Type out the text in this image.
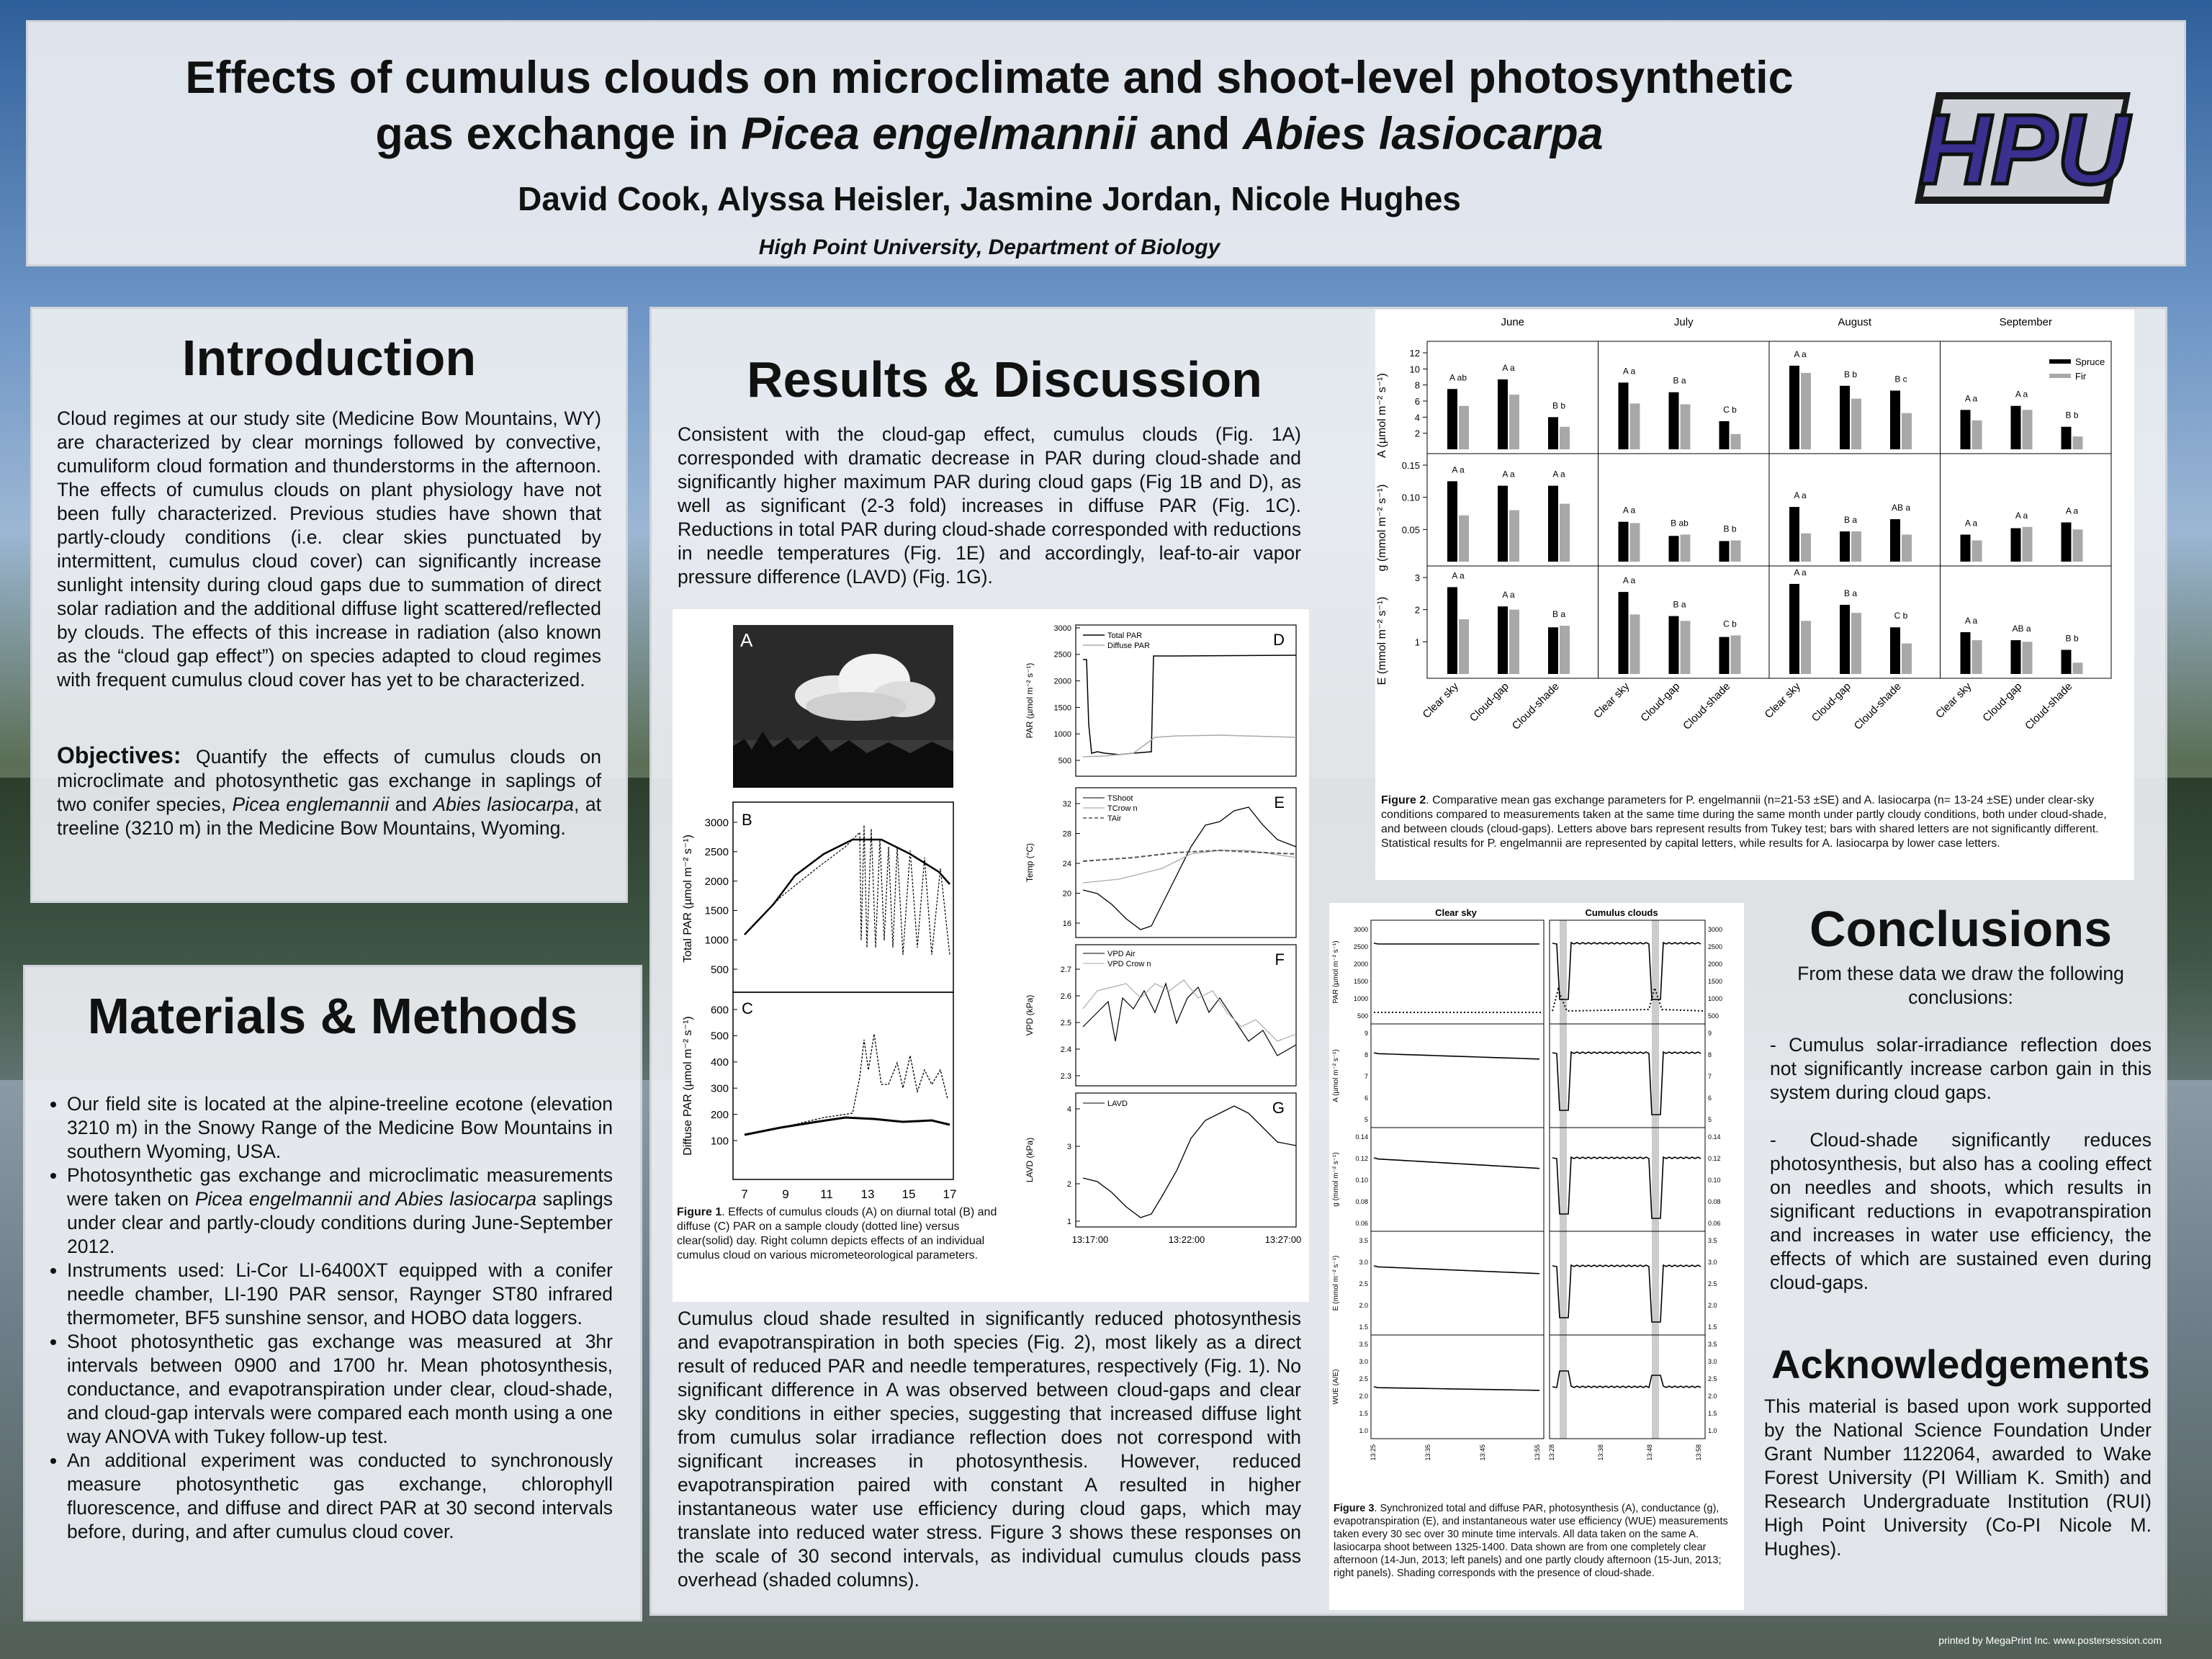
Effects of cumulus clouds on microclimate and shoot-level photosynthetic
gas exchange in Picea engelmannii and Abies lasiocarpa
David Cook, Alyssa Heisler, Jasmine Jordan, Nicole Hughes
High Point University, Department of Biology
HPU
Introduction
Cloud regimes at our study site (Medicine Bow Mountains, WY) are characterized by clear mornings followed by convective, cumuliform cloud formation and thunderstorms in the afternoon. The effects of cumulus clouds on plant physiology have not been fully characterized. Previous studies have shown that partly-cloudy conditions (i.e. clear skies punctuated by intermittent, cumulus cloud cover) can significantly increase sunlight intensity during cloud gaps due to summation of direct solar radiation and the additional diffuse light scattered/reflected by clouds. The effects of this increase in radiation (also known as the “cloud gap effect”) on species adapted to cloud regimes with frequent cumulus cloud cover has yet to be characterized.
Objectives: Quantify the effects of cumulus clouds on microclimate and photosynthetic gas exchange in saplings of two conifer species, Picea englemannii and Abies lasiocarpa, at treeline (3210 m) in the Medicine Bow Mountains, Wyoming.
Materials & Methods
• Our field site is located at the alpine-treeline ecotone (elevation 3210 m) in the Snowy Range of the Medicine Bow Mountains in southern Wyoming, USA.
• Photosynthetic gas exchange and microclimatic measurements were taken on Picea engelmannii and Abies lasiocarpa saplings under clear and partly-cloudy conditions during June-September 2012.
• Instruments used: Li-Cor LI-6400XT equipped with a conifer needle chamber, LI-190 PAR sensor, Raynger ST80 infrared thermometer, BF5 sunshine sensor, and HOBO data loggers.
• Shoot photosynthetic gas exchange was measured at 3hr intervals between 0900 and 1700 hr. Mean photosynthesis, conductance, and evapotranspiration under clear, cloud-shade, and cloud-gap intervals were compared each month using a one way ANOVA with Tukey follow-up test.
• An additional experiment was conducted to synchronously measure photosynthetic gas exchange, chlorophyll fluorescence, and diffuse and direct PAR at 30 second intervals before, during, and after cumulus cloud cover.
Results & Discussion
Consistent with the cloud-gap effect, cumulus clouds (Fig. 1A) corresponded with dramatic decrease in PAR during cloud-shade and significantly higher maximum PAR during cloud gaps (Fig 1B and D), as well as significant (2-3 fold) increases in diffuse PAR (Fig. 1C). Reductions in total PAR during cloud-shade corresponded with reductions in needle temperatures (Fig. 1E) and accordingly, leaf-to-air vapor pressure difference (LAVD) (Fig. 1G).
Cumulus cloud shade resulted in significantly reduced photosynthesis and evapotranspiration in both species (Fig. 2), most likely as a direct result of reduced PAR and needle temperatures, respectively (Fig. 1). No significant difference in A was observed between cloud-gaps and clear sky conditions in either species, suggesting that increased diffuse light from cumulus solar irradiance reflection does not correspond with significant increases in photosynthesis. However, reduced evapotranspiration paired with constant A resulted in higher instantaneous water use efficiency during cloud gaps, which may translate into reduced water stress. Figure 3 shows these responses on the scale of 30 second intervals, as individual cumulus clouds pass overhead (shaded columns).
A
B
3000
2500
2000
1500
1000
500
Total PAR (µmol m⁻² s⁻¹)
C
600
500
400
300
200
100
Diffuse PAR (µmol m⁻² s⁻¹)
7	9	11 13 15 17
D
Total PAR
Diffuse PAR
3000
2500
2000
1500
1000
500
PAR (µmol m⁻² s⁻¹)
E
TShoot
TCrow n
TAir
32
28
24
20
16
Temp (°C)
F
VPD Air
VPD Crow n
2.7
2.6
2.5
2.4
2.3
VPD (kPa)
G
LAVD
4
3
2
1
LAVD (kPa)
13:17:00	13:22:00	13:27:00
Figure 1. Effects of cumulus clouds (A) on diurnal total (B) and diffuse (C) PAR on a sample cloudy (dotted line) versus clear(solid) day. Right column depicts effects of an individual cumulus cloud on various micrometeorological parameters.
June	July	August	September
A ab
A a
B b
A a
B a
C b
A a
B b	B c
A a	A a
B b
A a	A a	A a
A a
B ab
B b
A a
B a
AB a
A a
A a	A a
A a
A a
B a
A a
B a
C b
A a
B a
C b	A a
AB a
B b
12
10
8
6
4
2
0.15
0.10
0.05
3
2
1
Clear sky Cloud-gap
Cloud-shade	Clear sky Cloud-gap
Cloud-shade	Clear sky Cloud-gap
Cloud-shade	Clear sky Cloud-gap
Cloud-shade
Spruce
Fir
A (µmol m⁻² s⁻¹)
g (mmol m⁻² s⁻¹)
E (mmol m⁻² s⁻¹)
Figure 2. Comparative mean gas exchange parameters for P. engelmannii (n=21-53 ±SE) and A. lasiocarpa (n= 13-24 ±SE) under clear-sky conditions compared to measurements taken at the same time during the same month under partly cloudy conditions, both under cloud-shade, and between clouds (cloud-gaps). Letters above bars represent results from Tukey test; bars with shared letters are not significantly different. Statistical results for P. engelmannii are represented by capital letters, while results for A. lasiocarpa by lower case letters.
Clear sky	Cumulus clouds
3000	3000
2500	2500
2000	2000
1500	1500
1000	1000
500	500
PAR (µmol m⁻² s⁻¹)
9	9
8	8
7	7
6	6
5	5
A (µmol m⁻² s⁻¹)
0.14	0.14
0.12	0.12
0.10	0.10
0.08	0.08
0.06	0.06
g (mmol m⁻² s⁻¹)
3.5	3.5
3.0	3.0
2.5	2.5
2.0	2.0
1.5	1.5
E (mmol m⁻² s⁻¹)
3.5	3.5
3.0	3.0
2.5	2.5
2.0	2.0
1.5	1.5
1.0	1.0
WUE (A/E)
13:25	13:35	13:45	13:55 13:28	13:38	13:48	13:58
Figure 3. Synchronized total and diffuse PAR, photosynthesis (A), conductance (g), evapotranspiration (E), and instantaneous water use efficiency (WUE) measurements taken every 30 sec over 30 minute time intervals. All data taken on the same A. lasiocarpa shoot between 1325-1400. Data shown are from one completely clear afternoon (14-Jun, 2013; left panels) and one partly cloudy afternoon (15-Jun, 2013; right panels). Shading corresponds with the presence of cloud-shade.
Conclusions
From these data we draw the following conclusions:
- Cumulus solar-irradiance reflection does not significantly increase carbon gain in this system during cloud gaps.
- Cloud-shade significantly reduces photosynthesis, but also has a cooling effect on needles and shoots, which results in significant reductions in evapotranspiration and increases in water use efficiency, the effects of which are sustained even during cloud-gaps.
Acknowledgements
This material is based upon work supported by the National Science Foundation Under Grant Number 1122064, awarded to Wake Forest University (PI William K. Smith) and Research Undergraduate Institution (RUI) High Point University (Co-PI Nicole M. Hughes).
printed by MegaPrint Inc. www.postersession.com
